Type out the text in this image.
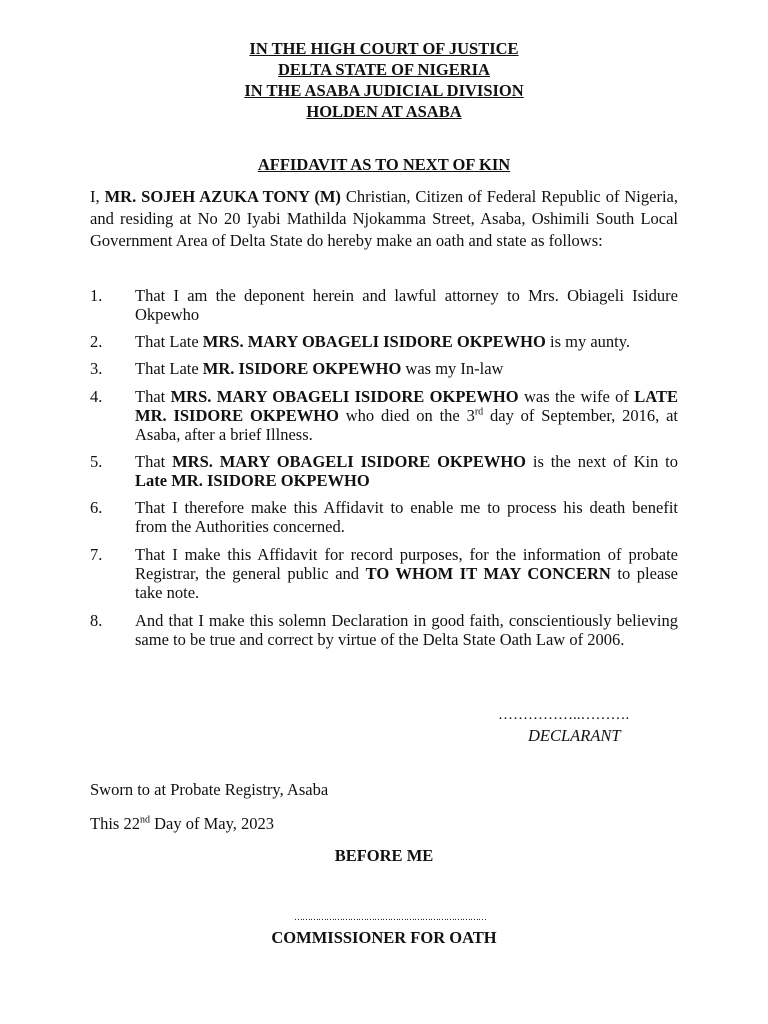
IN THE HIGH COURT OF JUSTICE
DELTA STATE OF NIGERIA
IN THE ASABA JUDICIAL DIVISION
HOLDEN AT ASABA
AFFIDAVIT AS TO NEXT OF KIN
I, MR. SOJEH AZUKA TONY (M) Christian, Citizen of Federal Republic of Nigeria, and residing at No 20 Iyabi Mathilda Njokamma Street, Asaba, Oshimili South Local Government Area of Delta State do hereby make an oath and state as follows:
1. That I am the deponent herein and lawful attorney to Mrs. Obiageli Isidure Okpewho
2. That Late MRS. MARY OBAGELI ISIDORE OKPEWHO is my aunty.
3. That Late MR. ISIDORE OKPEWHO was my In-law
4. That MRS. MARY OBAGELI ISIDORE OKPEWHO was the wife of LATE MR. ISIDORE OKPEWHO who died on the 3rd day of September, 2016, at Asaba, after a brief Illness.
5. That MRS. MARY OBAGELI ISIDORE OKPEWHO is the next of Kin to Late MR. ISIDORE OKPEWHO
6. That I therefore make this Affidavit to enable me to process his death benefit from the Authorities concerned.
7. That I make this Affidavit for record purposes, for the information of probate Registrar, the general public and TO WHOM IT MAY CONCERN to please take note.
8. And that I make this solemn Declaration in good faith, conscientiously believing same to be true and correct by virtue of the Delta State Oath Law of 2006.
……………..……….
DECLARANT
Sworn to at Probate Registry, Asaba
This 22nd Day of May, 2023
BEFORE ME
………………………………………………………………
COMMISSIONER FOR OATH
